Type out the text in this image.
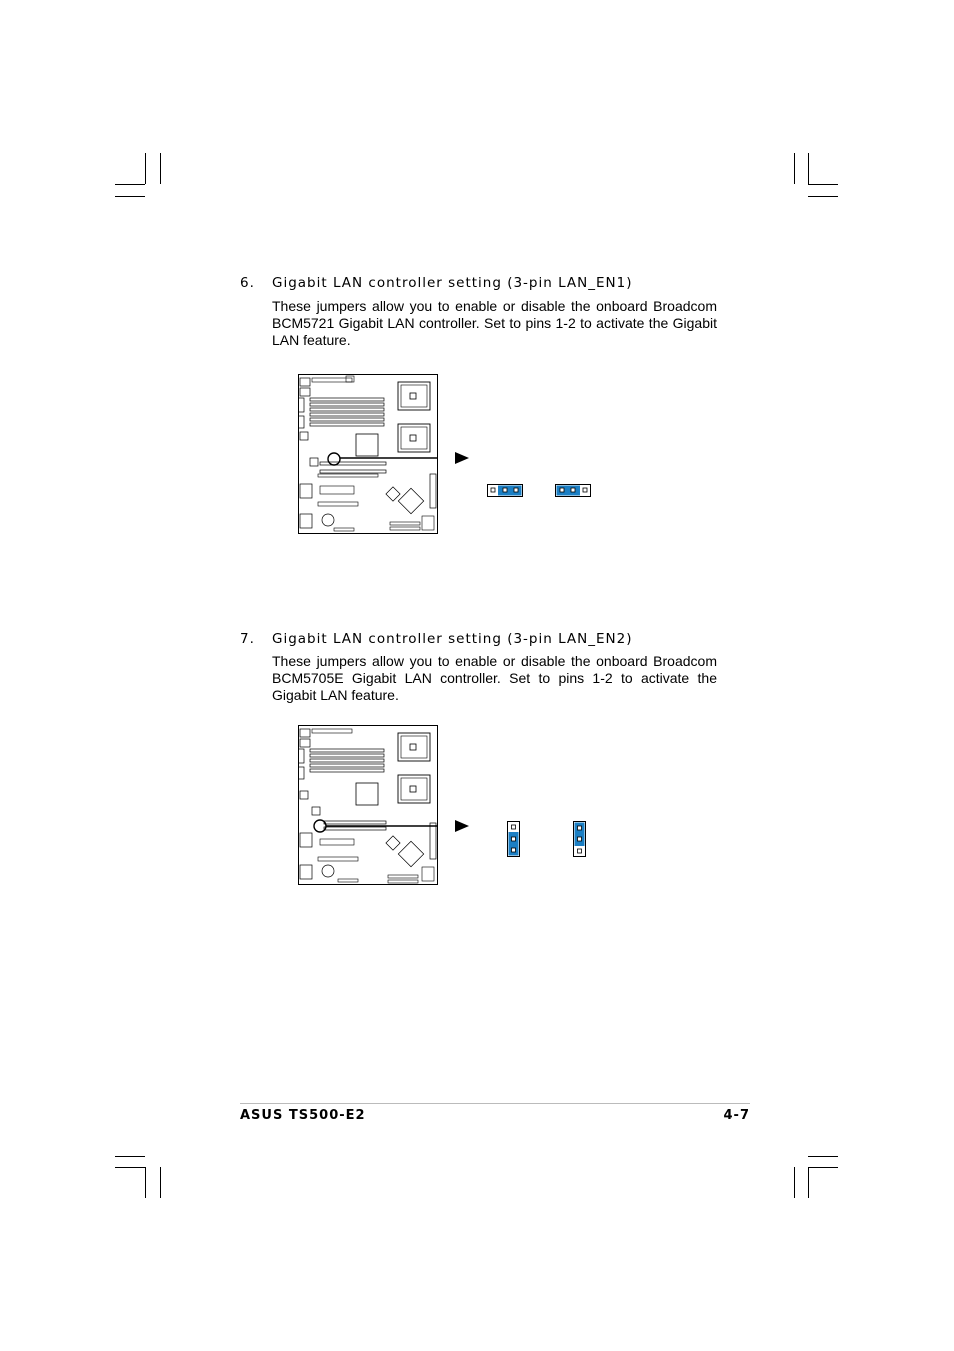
6. Gigabit LAN controller setting (3-pin LAN_EN1)
These jumpers allow you to enable or disable the onboard Broadcom BCM5721 Gigabit LAN controller. Set to pins 1-2 to activate the Gigabit LAN feature.
7. Gigabit LAN controller setting (3-pin LAN_EN2)
These jumpers allow you to enable or disable the onboard Broadcom BCM5705E Gigabit LAN controller. Set to pins 1-2 to activate the Gigabit LAN feature.
ASUS TS500-E2	4-7
